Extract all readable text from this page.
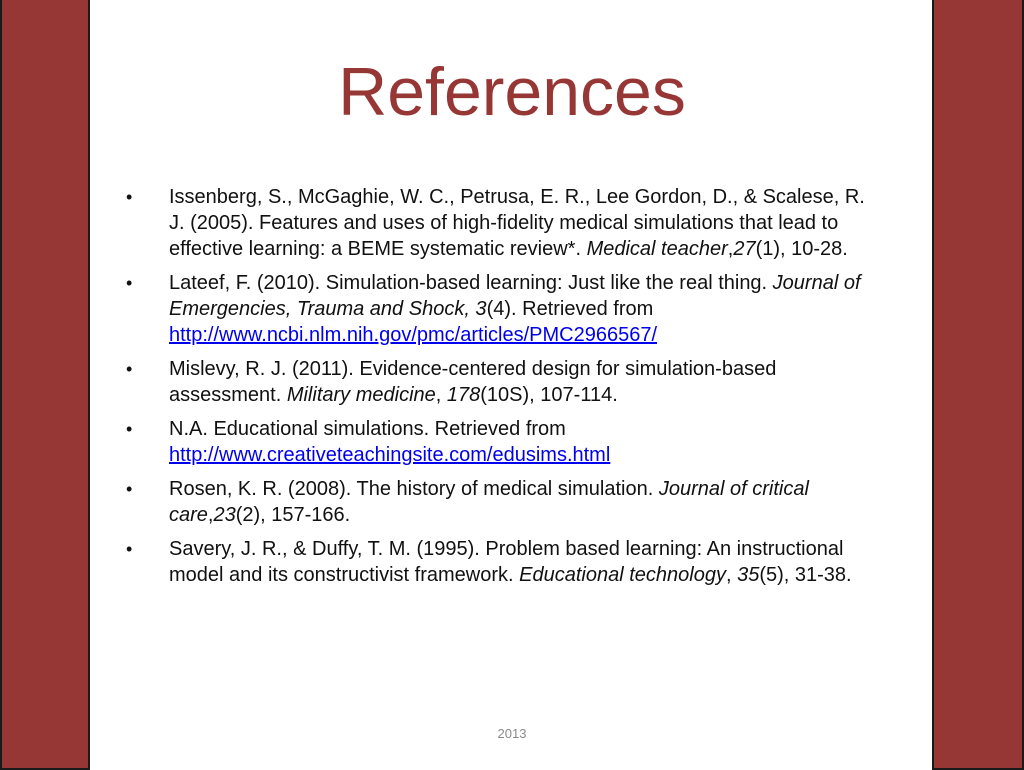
References
•	Issenberg, S., McGaghie, W. C., Petrusa, E. R., Lee Gordon, D., & Scalese, R. J. (2005). Features and uses of high-fidelity medical simulations that lead to effective learning: a BEME systematic review*. Medical teacher,27(1), 10-28.
•	Lateef, F. (2010). Simulation-based learning: Just like the real thing. Journal of Emergencies, Trauma and Shock, 3(4). Retrieved from http://www.ncbi.nlm.nih.gov/pmc/articles/PMC2966567/
•	Mislevy, R. J. (2011). Evidence-centered design for simulation-based assessment. Military medicine, 178(10S), 107-114.
•	N.A. Educational simulations. Retrieved from http://www.creativeteachingsite.com/edusims.html
•	Rosen, K. R. (2008). The history of medical simulation. Journal of critical care,23(2), 157-166.
•	Savery, J. R., & Duffy, T. M. (1995). Problem based learning: An instructional model and its constructivist framework. Educational technology, 35(5), 31-38.
2013
